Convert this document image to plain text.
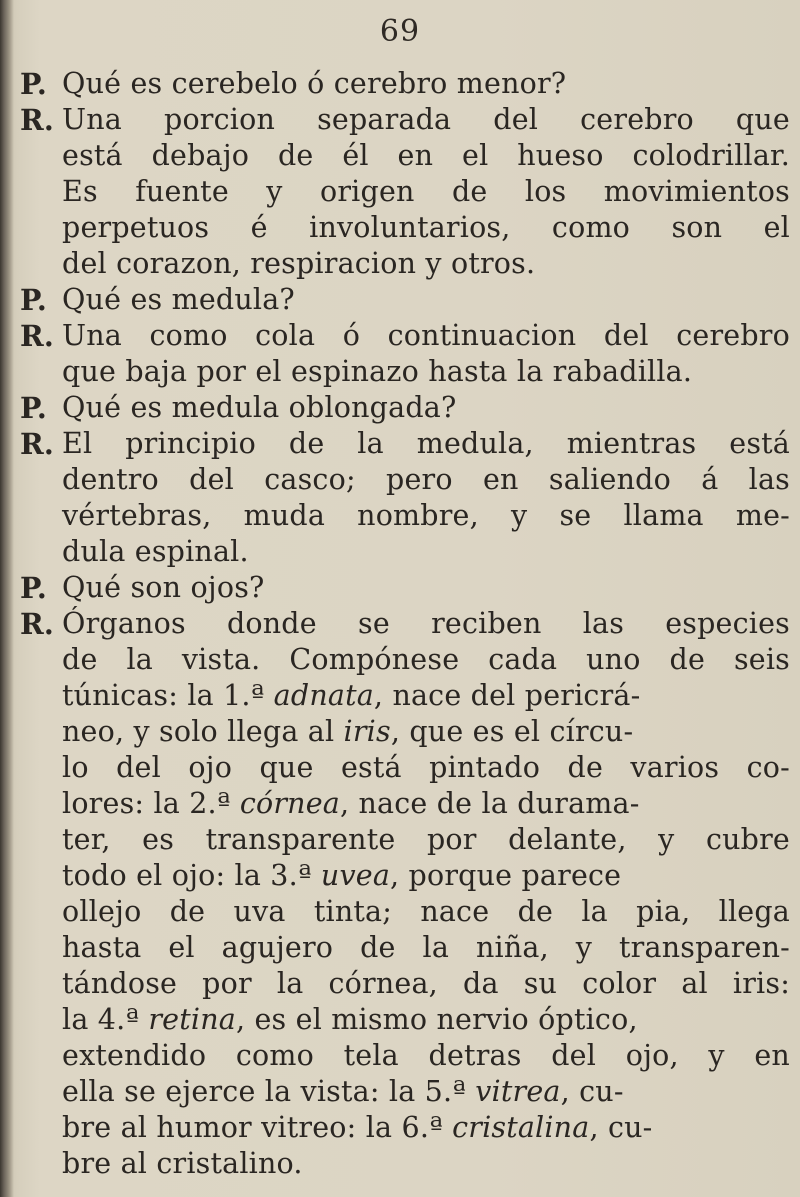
69
P. Qué es cerebelo ó cerebro menor?
R. Una porcion separada del cerebro que
está debajo de él en el hueso colodrillar.
Es fuente y origen de los movimientos
perpetuos é involuntarios, como son el
del corazon, respiracion y otros.
P. Qué es medula?
R. Una como cola ó continuacion del cerebro
que baja por el espinazo hasta la rabadilla.
P. Qué es medula oblongada?
R. El principio de la medula, mientras está
dentro del casco; pero en saliendo á las
vértebras, muda nombre, y se llama me-
dula espinal.
P. Qué son ojos?
R. Órganos donde se reciben las especies
de la vista. Compónese cada uno de seis
túnicas: la 1.ª adnata, nace del pericrá-
neo, y solo llega al iris, que es el círcu-
lo del ojo que está pintado de varios co-
lores: la 2.ª córnea, nace de la durama-
ter, es transparente por delante, y cubre
todo el ojo: la 3.ª uvea, porque parece
ollejo de uva tinta; nace de la pia, llega
hasta el agujero de la niña, y transparen-
tándose por la córnea, da su color al iris:
la 4.ª retina, es el mismo nervio óptico,
extendido como tela detras del ojo, y en
ella se ejerce la vista: la 5.ª vitrea, cu-
bre al humor vitreo: la 6.ª cristalina, cu-
bre al cristalino.
